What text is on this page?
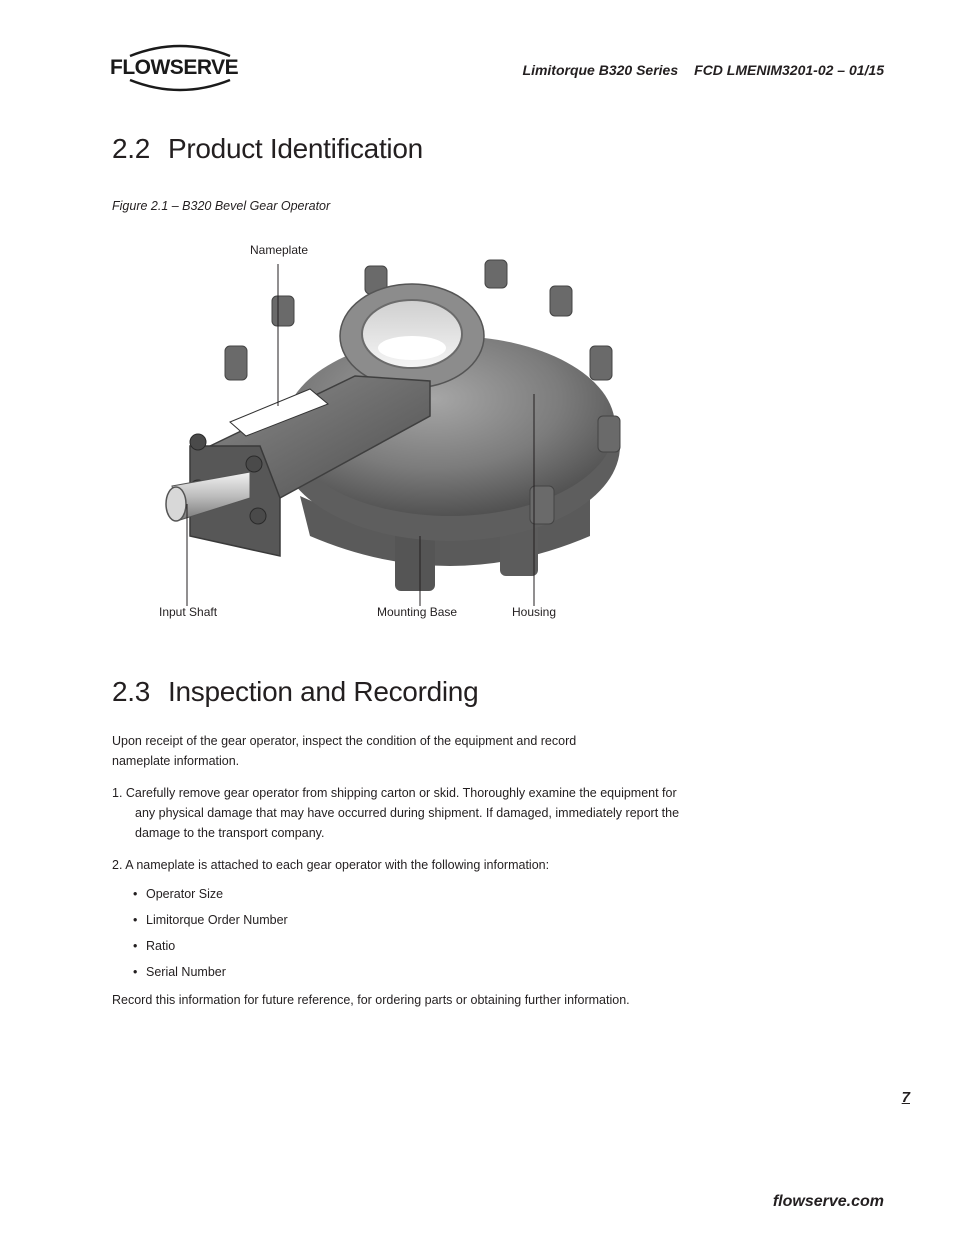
FLOWSERVE	Limitorque B320 Series FCD LMENIM3201-02 – 01/15
2.2 Product Identification
Figure 2.1 – B320 Bevel Gear Operator
Nameplate
Input Shaft	Mounting Base	Housing
2.3 Inspection and Recording
Upon receipt of the gear operator, inspect the condition of the equipment and record nameplate information.
1. Carefully remove gear operator from shipping carton or skid. Thoroughly examine the equipment for any physical damage that may have occurred during shipment. If damaged, immediately report the damage to the transport company.
2. A nameplate is attached to each gear operator with the following information:
• Operator Size
• Limitorque Order Number
• Ratio
• Serial Number
Record this information for future reference, for ordering parts or obtaining further information.
7
flowserve.com
